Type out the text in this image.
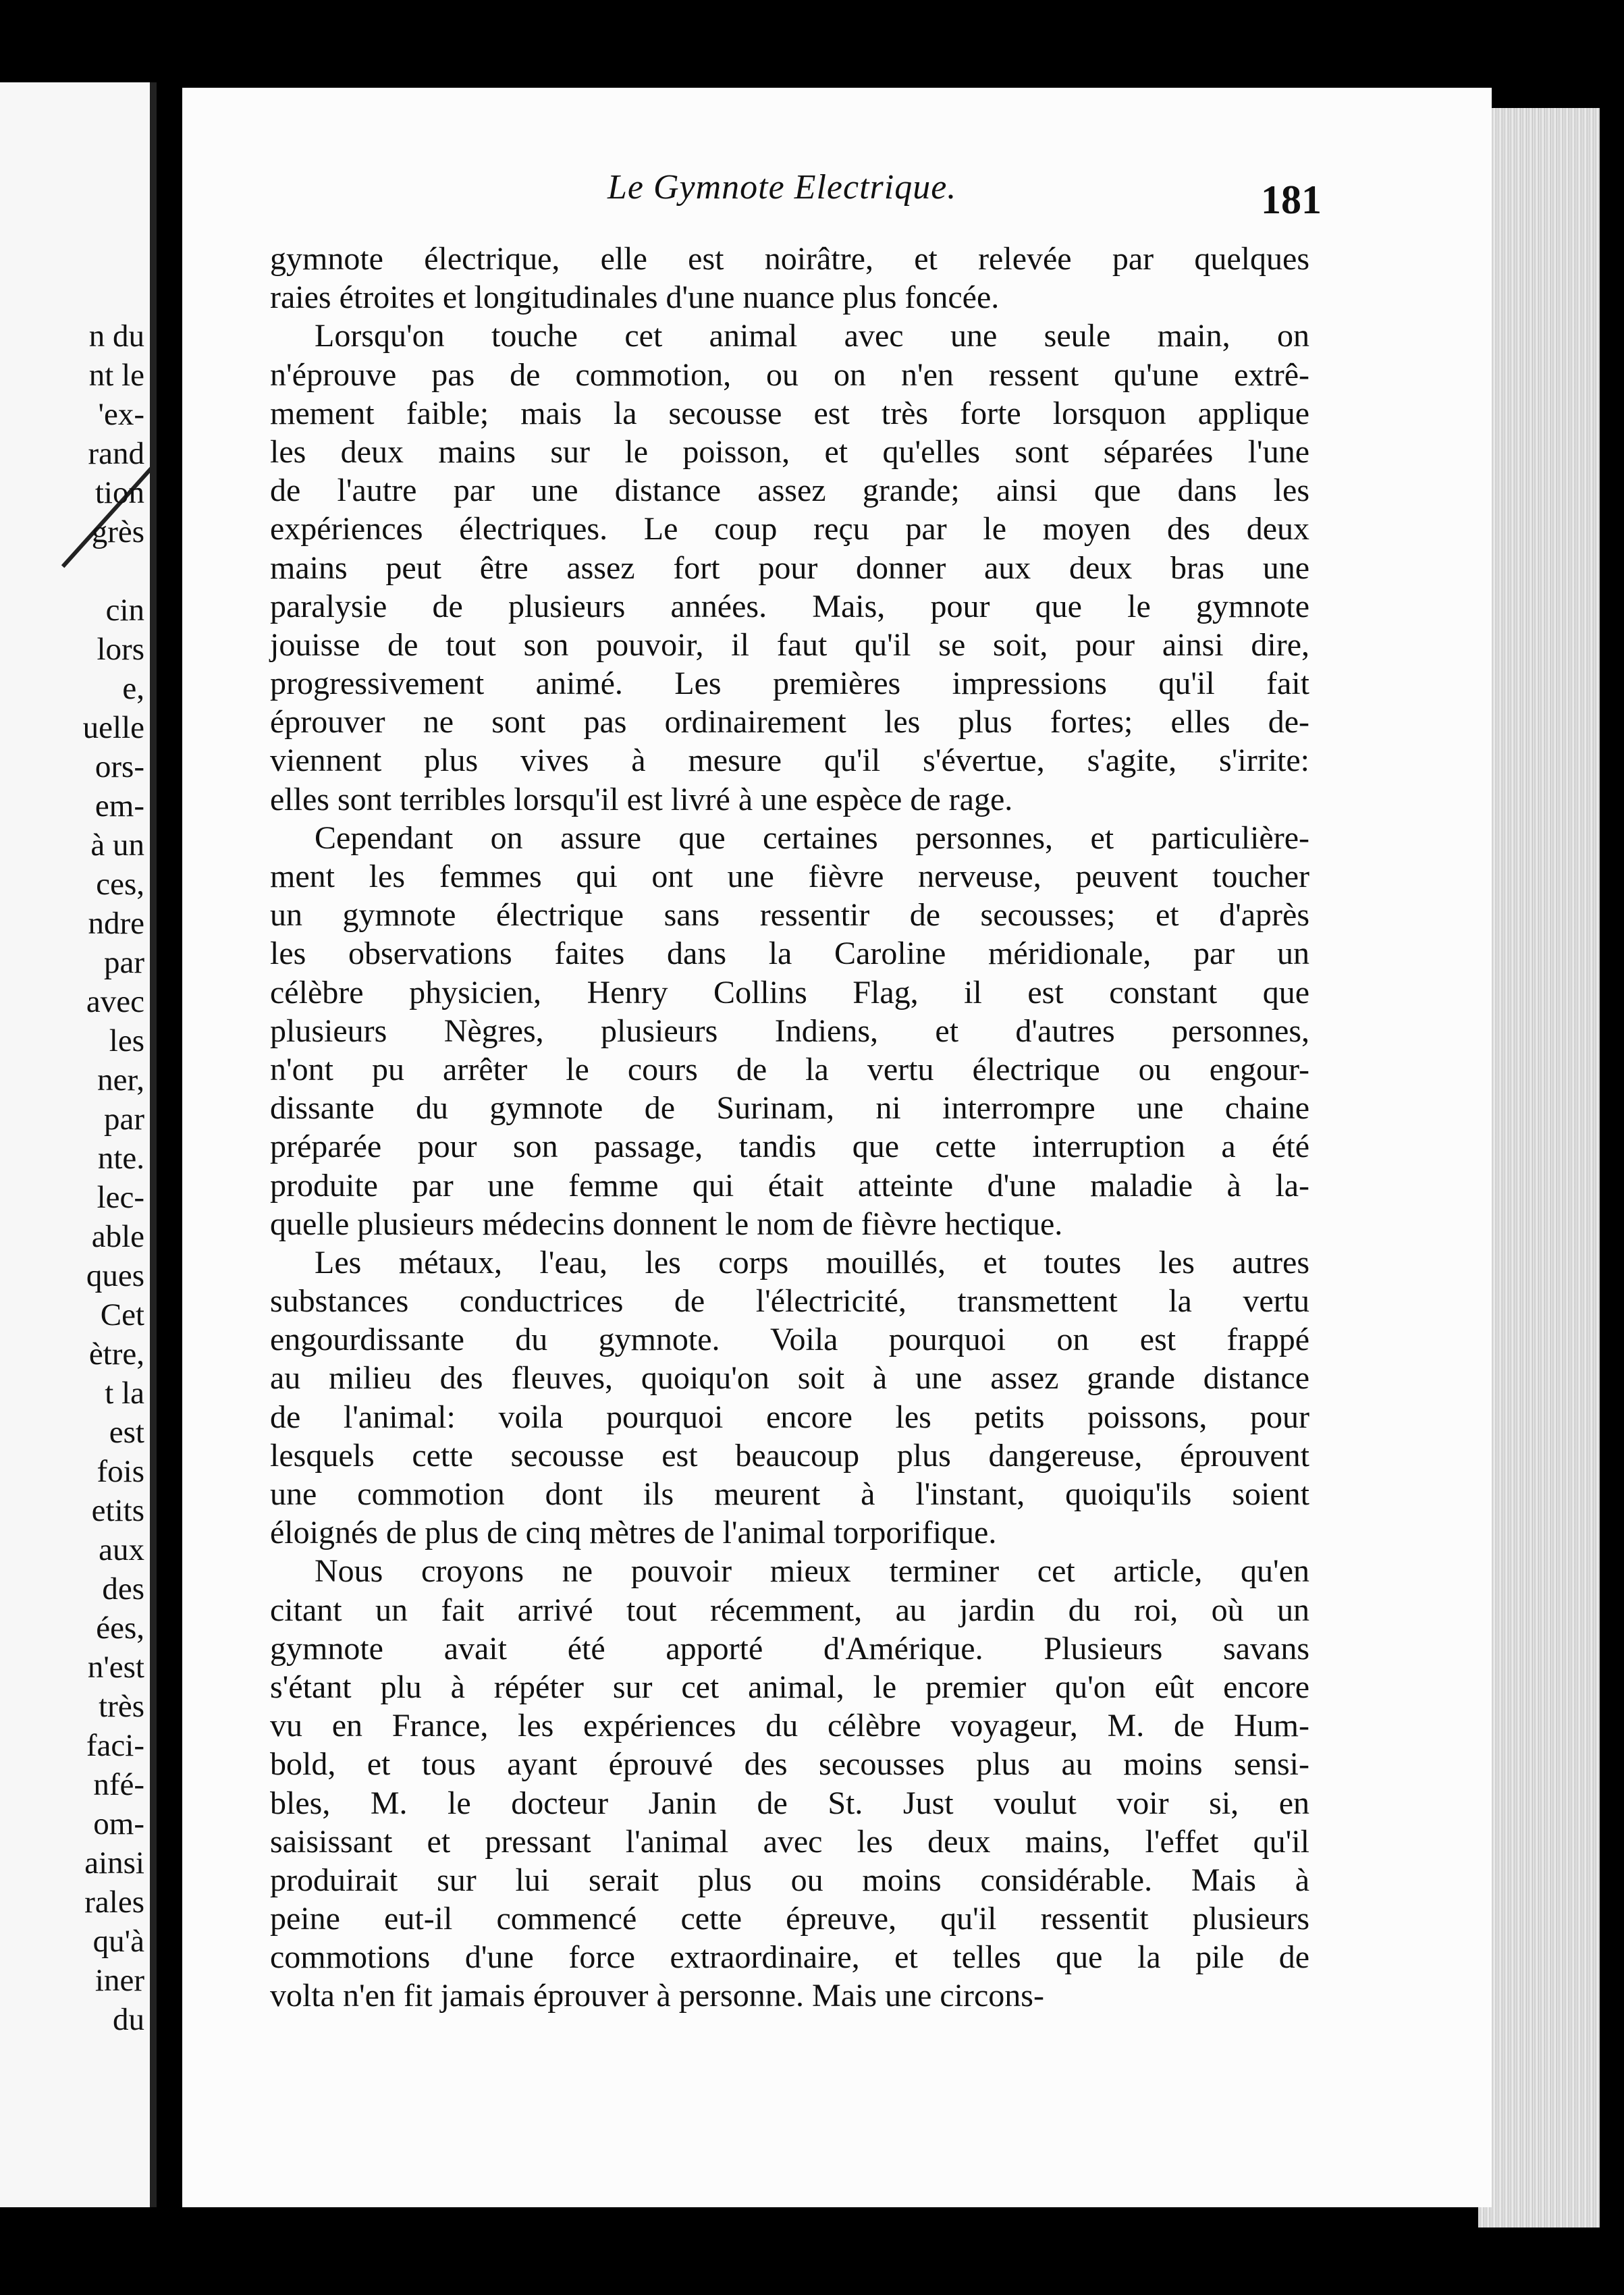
n du
nt le
'ex-
rand
tion
grès
cin
lors
e,
uelle
ors-
em-
à un
ces,
ndre
par
avec
les
ner,
par
nte.
lec-
able
ques
Cet
ètre,
t la
est
fois
etits
aux
des
ées,
n'est
très
faci-
nfé-
om-
ainsi
rales
qu'à
iner
du
Le Gymnote Electrique.	181
gymnote électrique, elle est noirâtre, et relevée par quelques
raies étroites et longitudinales d'une nuance plus foncée.
Lorsqu'on touche cet animal avec une seule main, on
n'éprouve pas de commotion, ou on n'en ressent qu'une extrê-
mement faible; mais la secousse est très forte lorsquon applique
les deux mains sur le poisson, et qu'elles sont séparées l'une
de l'autre par une distance assez grande; ainsi que dans les
expériences électriques. Le coup reçu par le moyen des deux
mains peut être assez fort pour donner aux deux bras une
paralysie de plusieurs années. Mais, pour que le gymnote
jouisse de tout son pouvoir, il faut qu'il se soit, pour ainsi dire,
progressivement animé. Les premières impressions qu'il fait
éprouver ne sont pas ordinairement les plus fortes; elles de-
viennent plus vives à mesure qu'il s'évertue, s'agite, s'irrite:
elles sont terribles lorsqu'il est livré à une espèce de rage.
Cependant on assure que certaines personnes, et particulière-
ment les femmes qui ont une fièvre nerveuse, peuvent toucher
un gymnote électrique sans ressentir de secousses; et d'après
les observations faites dans la Caroline méridionale, par un
célèbre physicien, Henry Collins Flag, il est constant que
plusieurs Nègres, plusieurs Indiens, et d'autres personnes,
n'ont pu arrêter le cours de la vertu électrique ou engour-
dissante du gymnote de Surinam, ni interrompre une chaine
préparée pour son passage, tandis que cette interruption a été
produite par une femme qui était atteinte d'une maladie à la-
quelle plusieurs médecins donnent le nom de fièvre hectique.
Les métaux, l'eau, les corps mouillés, et toutes les autres
substances conductrices de l'électricité, transmettent la vertu
engourdissante du gymnote. Voila pourquoi on est frappé
au milieu des fleuves, quoiqu'on soit à une assez grande distance
de l'animal: voila pourquoi encore les petits poissons, pour
lesquels cette secousse est beaucoup plus dangereuse, éprouvent
une commotion dont ils meurent à l'instant, quoiqu'ils soient
éloignés de plus de cinq mètres de l'animal torporifique.
Nous croyons ne pouvoir mieux terminer cet article, qu'en
citant un fait arrivé tout récemment, au jardin du roi, où un
gymnote avait été apporté d'Amérique. Plusieurs savans
s'étant plu à répéter sur cet animal, le premier qu'on eût encore
vu en France, les expériences du célèbre voyageur, M. de Hum-
bold, et tous ayant éprouvé des secousses plus au moins sensi-
bles, M. le docteur Janin de St. Just voulut voir si, en
saisissant et pressant l'animal avec les deux mains, l'effet qu'il
produirait sur lui serait plus ou moins considérable. Mais à
peine eut-il commencé cette épreuve, qu'il ressentit plusieurs
commotions d'une force extraordinaire, et telles que la pile de
volta n'en fit jamais éprouver à personne. Mais une circons-
